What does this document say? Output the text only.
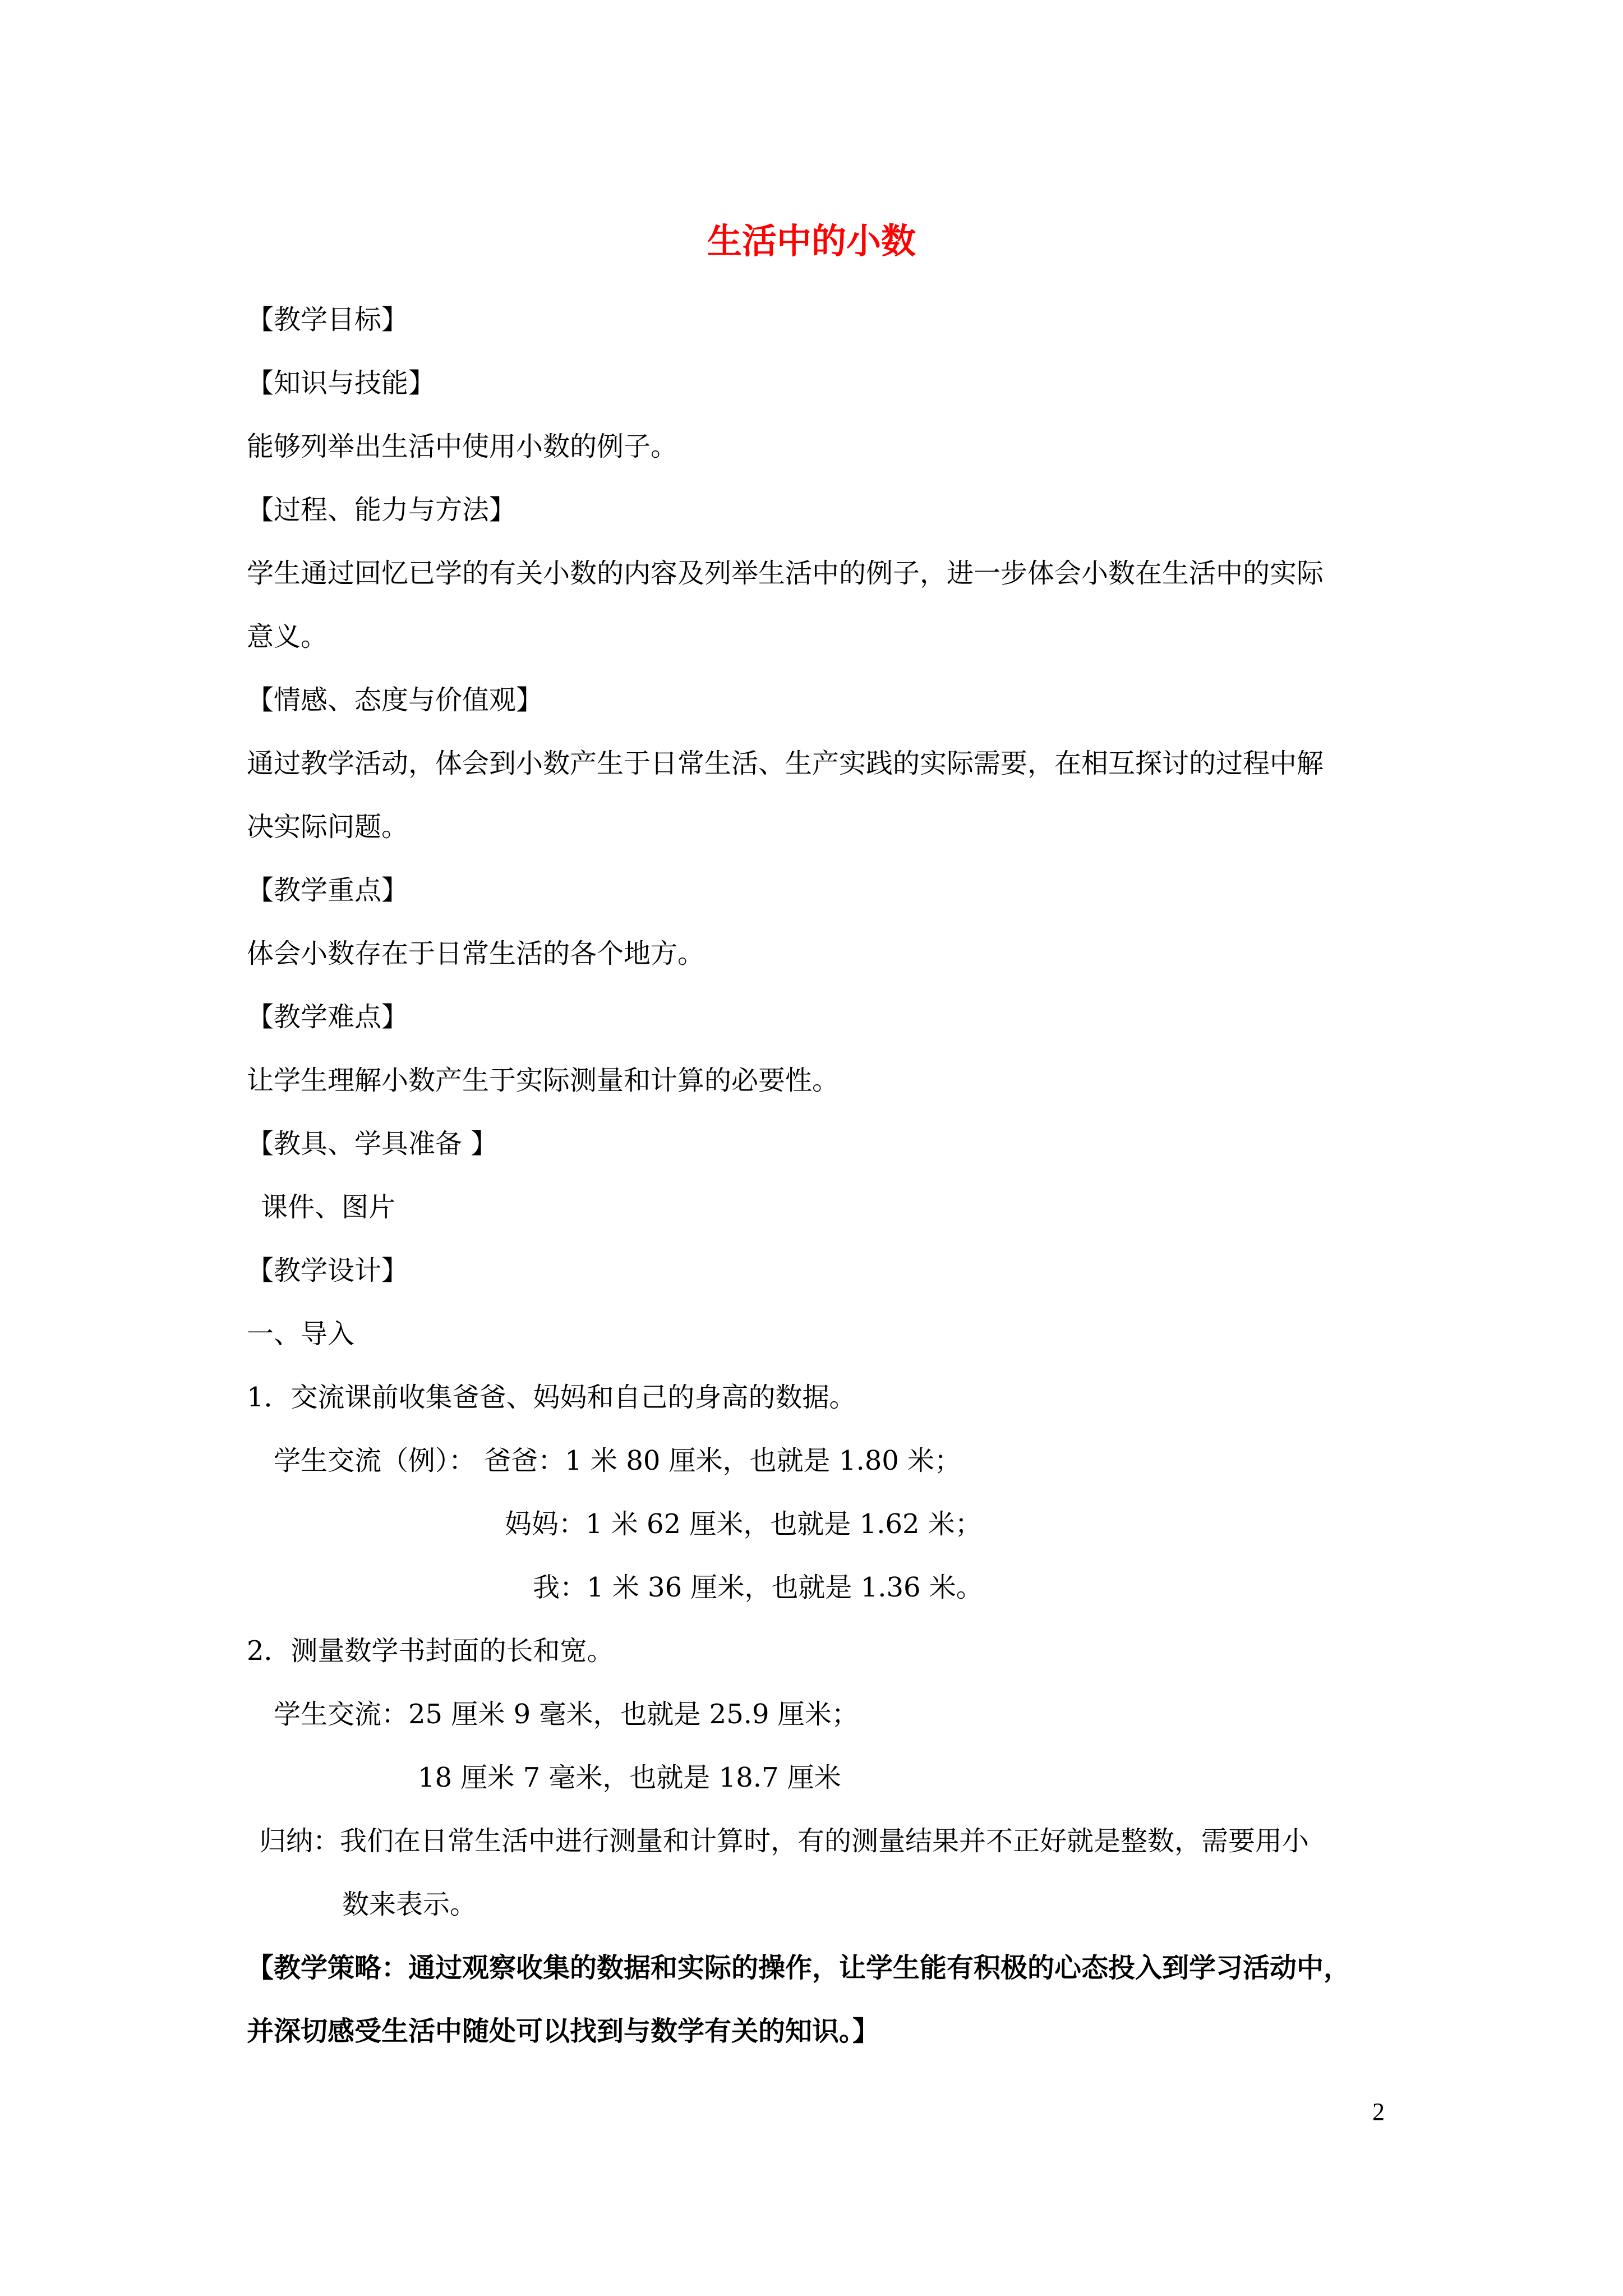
生活中的小数
【教学目标】
【知识与技能】
能够列举出生活中使用小数的例子。
【过程、能力与方法】
学生通过回忆已学的有关小数的内容及列举生活中的例子，进一步体会小数在生活中的实际
意义。
【情感、态度与价值观】
通过教学活动，体会到小数产生于日常生活、生产实践的实际需要，在相互探讨的过程中解
决实际问题。
【教学重点】
体会小数存在于日常生活的各个地方。
【教学难点】
让学生理解小数产生于实际测量和计算的必要性。
【教具、学具准备 】
课件、图片
【教学设计】
一、导入
1．交流课前收集爸爸、妈妈和自己的身高的数据。
学生交流（例）： 爸爸：1 米 80 厘米，也就是 1.80 米；
妈妈：1 米 62 厘米，也就是 1.62 米；
我：1 米 36 厘米，也就是 1.36 米。
2．测量数学书封面的长和宽。
学生交流：25 厘米 9 毫米，也就是 25.9 厘米；
18 厘米 7 毫米，也就是 18.7 厘米
归纳：我们在日常生活中进行测量和计算时，有的测量结果并不正好就是整数，需要用小
数来表示。
【教学策略：通过观察收集的数据和实际的操作，让学生能有积极的心态投入到学习活动中，
并深切感受生活中随处可以找到与数学有关的知识。】
2
